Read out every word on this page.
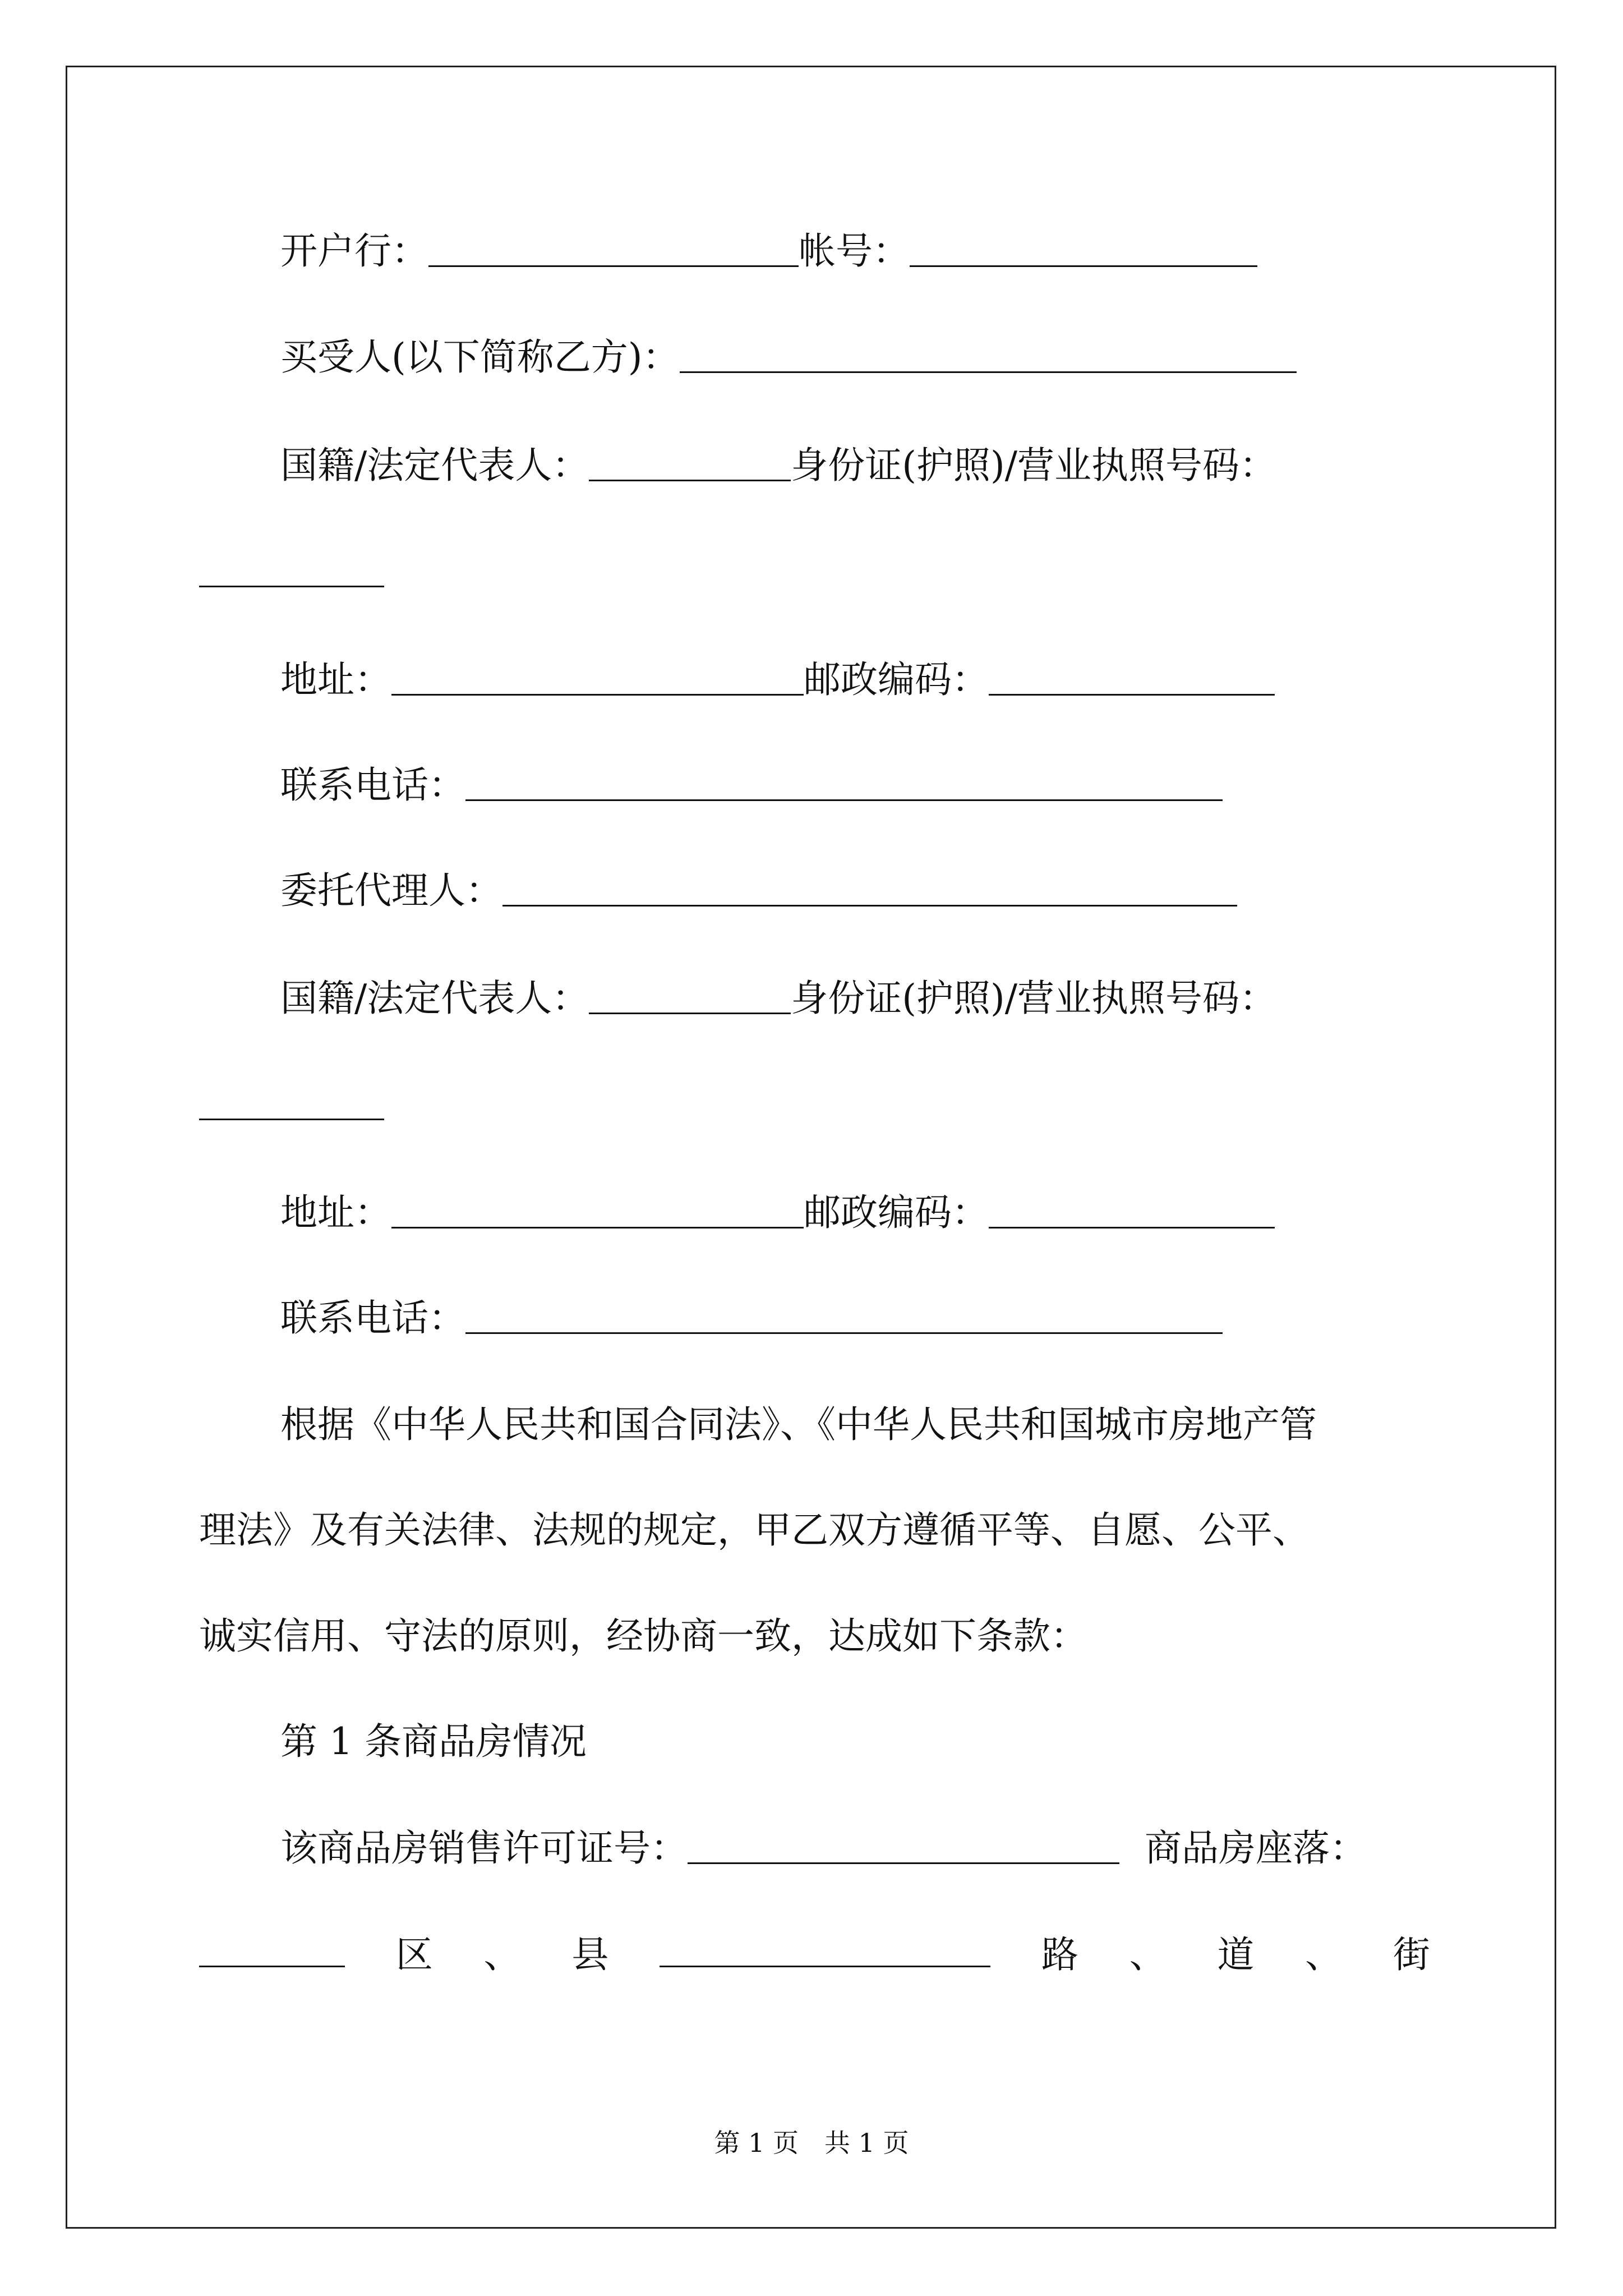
开户行：	帐号：
买受人(以下简称乙方)：
国籍/法定代表人：	身份证(护照)/营业执照号码：
地址：	邮政编码：
联系电话：
委托代理人：
国籍/法定代表人：	身份证(护照)/营业执照号码：
地址：	邮政编码：
联系电话：
根据《中华人民共和国合同法》、《中华人民共和国城市房地产管
理法》及有关法律、法规的规定，甲乙双方遵循平等、自愿、公平、
诚实信用、守法的原则，经协商一致，达成如下条款：
第 1 条商品房情况
该商品房销售许可证号：	商品房座落：
区 、 县	路 、 道 、 街
第 1 页 共 1 页
